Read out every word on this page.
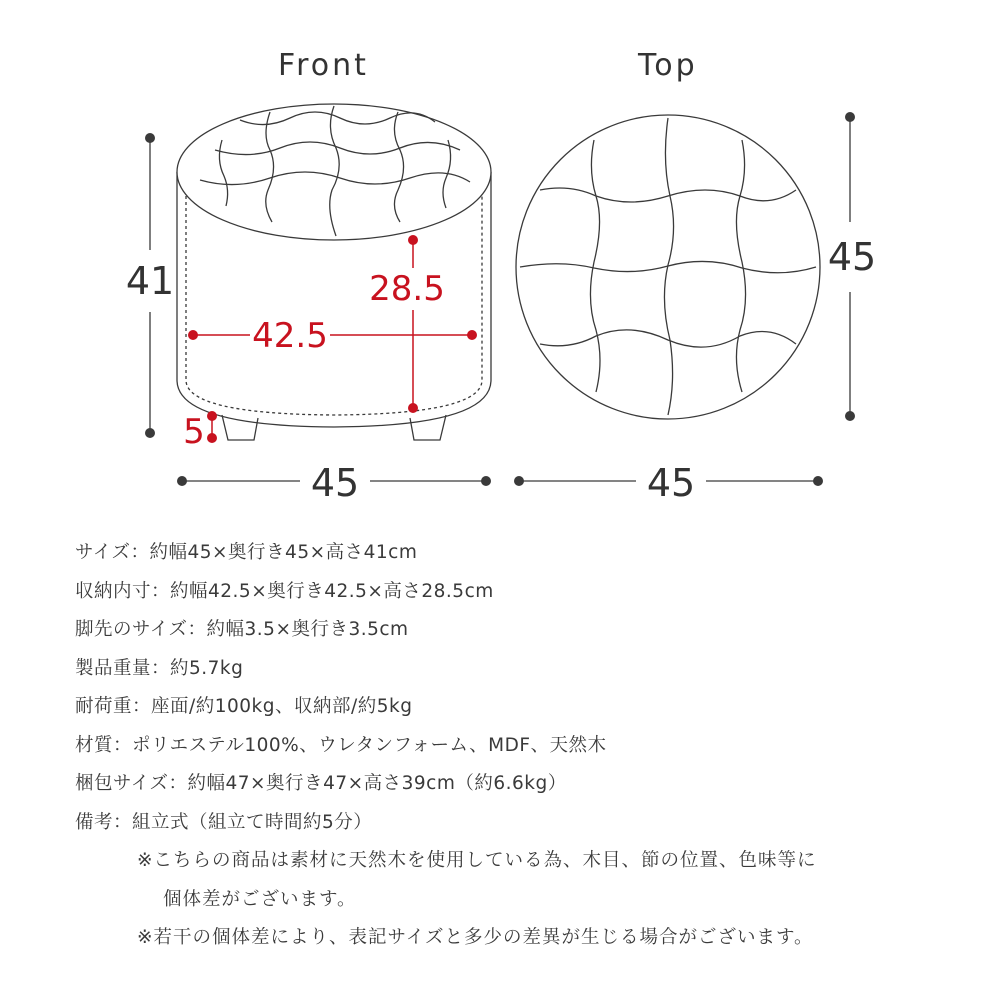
Front	Top
41
45
28.5
42.5
5
45
45
サイズ：約幅45×奥行き45×高さ41cm
収納内寸：約幅42.5×奥行き42.5×高さ28.5cm
脚先のサイズ：約幅3.5×奥行き3.5cm
製品重量：約5.7kg
耐荷重：座面/約100kg、収納部/約5kg
材質：ポリエステル100%、ウレタンフォーム、MDF、天然木
梱包サイズ：約幅47×奥行き47×高さ39cm（約6.6kg）
備考：組立式（組立て時間約5分）
※こちらの商品は素材に天然木を使用している為、木目、節の位置、色味等に
個体差がございます。
※若干の個体差により、表記サイズと多少の差異が生じる場合がございます。
